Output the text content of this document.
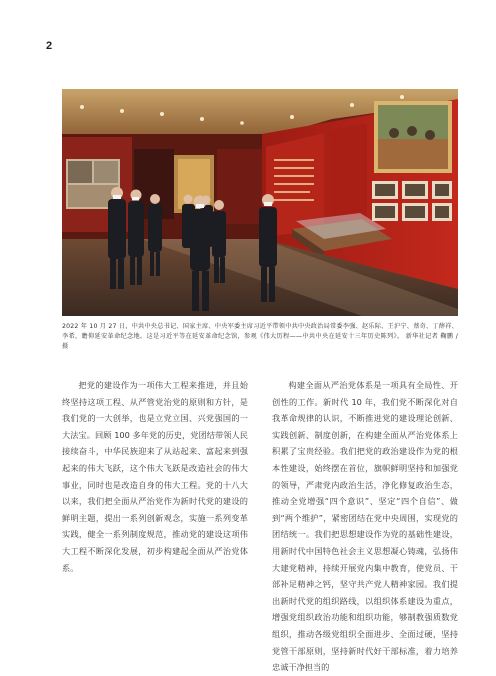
2
2022 年 10 月 27 日，中共中央总书记、国家主席、中央军委主席习近平带领中共中央政治局常委李强、赵乐际、王沪宁、蔡奇、丁薛祥、李希，瞻仰延安革命纪念地。这是习近平等在延安革命纪念馆，参观《伟大历程——中共中央在延安十三年历史陈列》。 新华社记者 鞠鹏 / 摄

把党的建设作为一项伟大工程来推进，并且始终坚持这项工程、从严管党治党的原则和方针，是我们党的一大创举，也是立党立国、兴党强国的一大法宝。回顾 100 多年党的历史，党团结带领人民接续奋斗，中华民族迎来了从站起来、富起来到强起来的伟大飞跃，这个伟大飞跃是改造社会的伟大事业，同时也是改造自身的伟大工程。党的十八大以来，我们把全面从严治党作为新时代党的建设的鲜明主题，提出一系列创新观念，实施一系列变革实践，健全一系列制度规范，推动党的建设这项伟大工程不断深化发展，初步构建起全面从严治党体系。

构建全面从严治党体系是一项具有全局性、开创性的工作。新时代 10 年，我们党不断深化对自我革命规律的认识，不断推进党的建设理论创新、实践创新、制度创新，在构建全面从严治党体系上积累了宝贵经验。我们把党的政治建设作为党的根本性建设，始终摆在首位，旗帜鲜明坚持和加强党的领导，严肃党内政治生活，净化修复政治生态，推动全党增强“四个意识”、坚定“四个自信”、做到“两个维护”，紧密团结在党中央周围，实现党的团结统一。我们把思想建设作为党的基础性建设，用新时代中国特色社会主义思想凝心铸魂，弘扬伟大建党精神，持续开展党内集中教育，使党员、干部补足精神之钙，坚守共产党人精神家园。我们提出新时代党的组织路线，以组织体系建设为重点，增强党组织政治功能和组织功能，够制教强质数党组织，推动各级党组织全面进步、全面过硬，坚持党管干部原则，坚持新时代好干部标准，着力培养忠诚干净担当的
